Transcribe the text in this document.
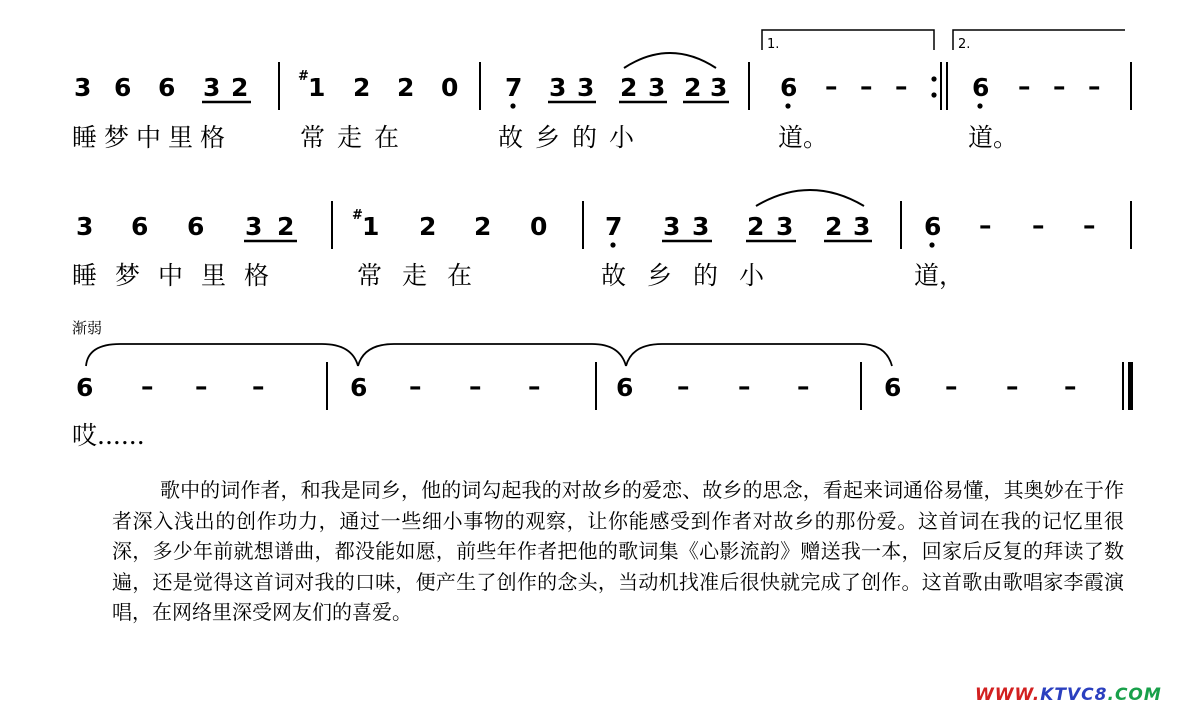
3 6 6 3 2	# 1 2 2 0 7 3 3 2 3 2 3
1.
6 – – –
2.
6 – – –
睡梦中里格	常走在	故乡的小	道。	道。
3 6 6 3 2	# 1 2 2 0 7 3 3 2 3 2 3 6 – – –
睡梦中里格	常走在	故乡的小	道，
渐弱
6 – – –	6 – – –	6 – – –	6 – – –
哎......

歌中的词作者，和我是同乡，他的词勾起我的对故乡的爱恋、故乡的思念，看起来词通俗易懂，其奥妙在于作者深入浅出的创作功力，通过一些细小事物的观察，让你能感受到作者对故乡的那份爱。这首词在我的记忆里很深，多少年前就想谱曲，都没能如愿，前些年作者把他的歌词集《心影流韵》赠送我一本，回家后反复的拜读了数遍，还是觉得这首词对我的口味，便产生了创作的念头，当动机找准后很快就完成了创作。这首歌由歌唱家李霞演唱，在网络里深受网友们的喜爱。

WWW.KTVC8.COM
